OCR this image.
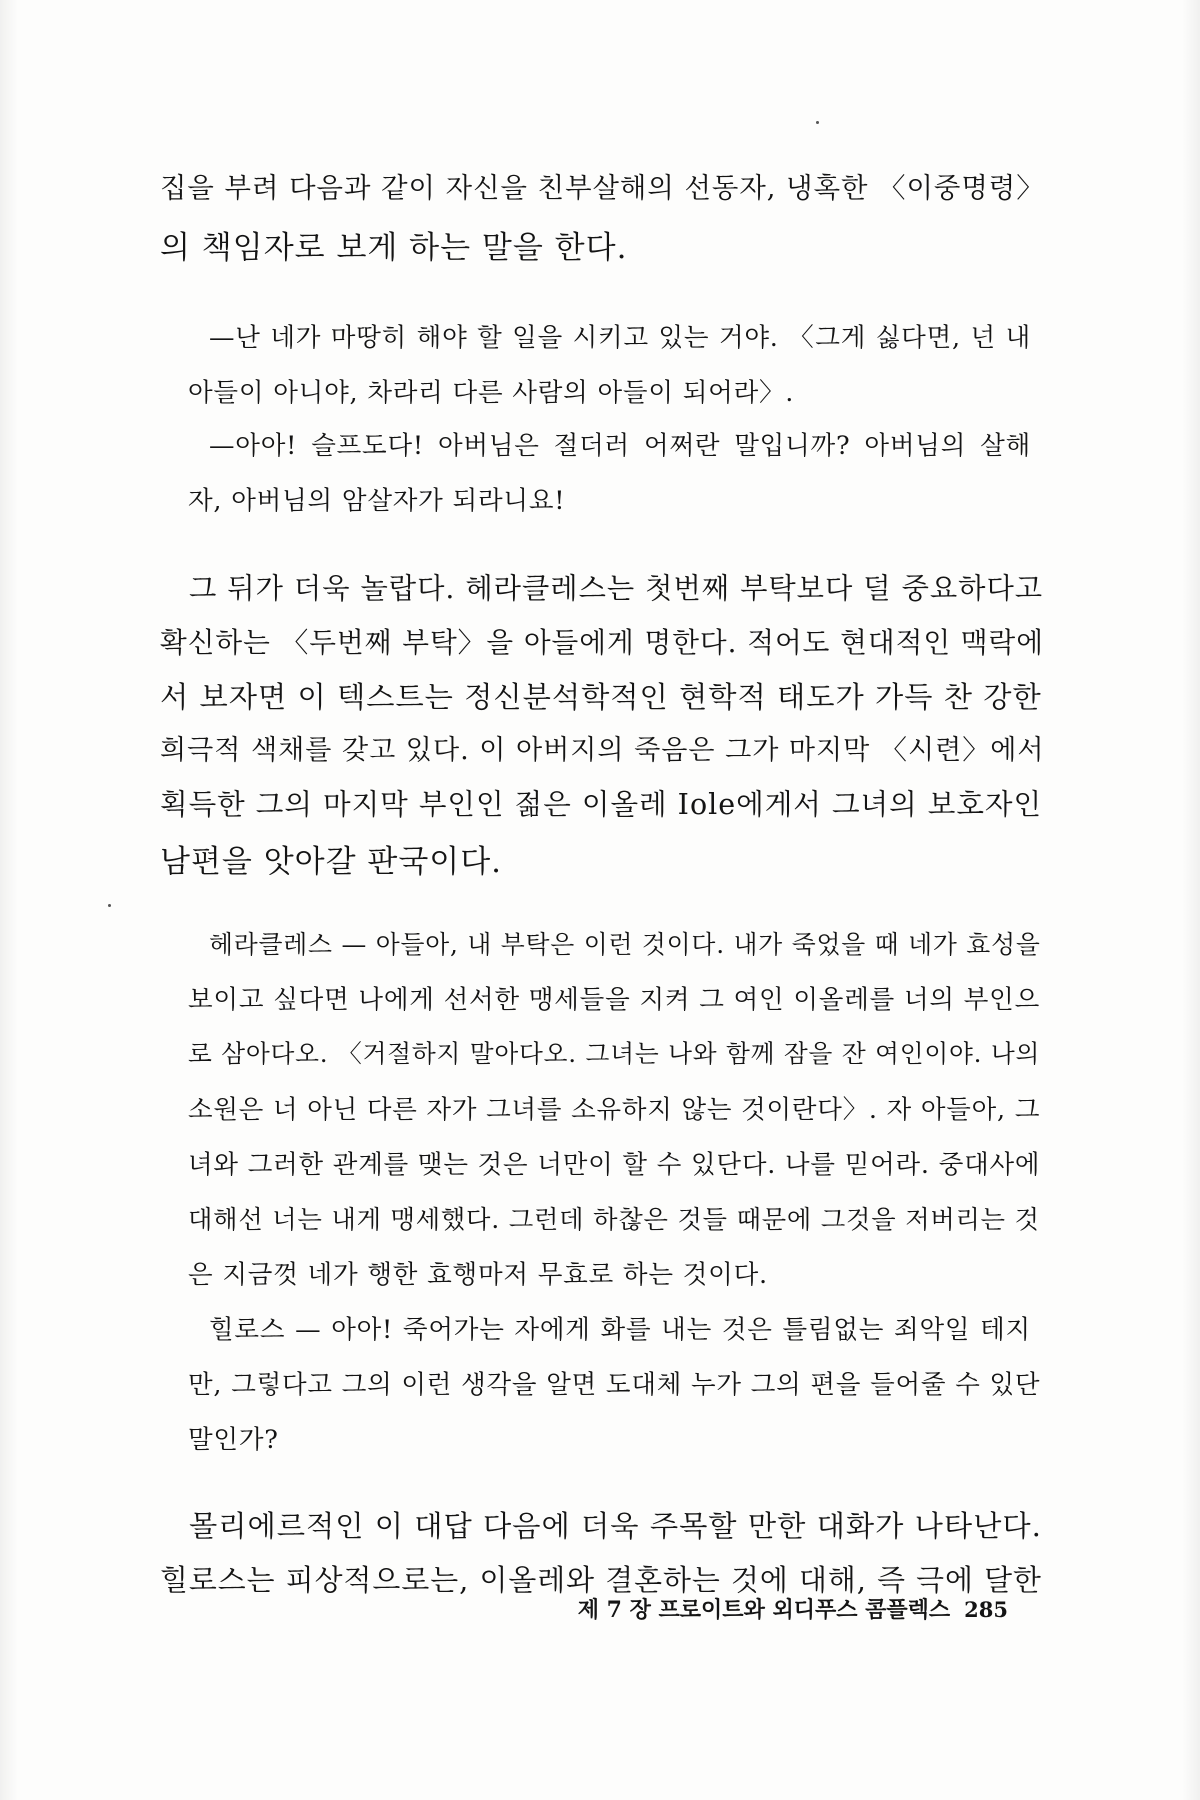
집을 부려 다음과 같이 자신을 친부살해의 선동자, 냉혹한 〈이중명령〉

의 책임자로 보게 하는 말을 한다.

—난 네가 마땅히 해야 할 일을 시키고 있는 거야. 〈그게 싫다면, 넌 내

아들이 아니야, 차라리 다른 사람의 아들이 되어라〉.

—아아! 슬프도다! 아버님은 절더러 어쩌란 말입니까? 아버님의 살해

자, 아버님의 암살자가 되라니요!

그 뒤가 더욱 놀랍다. 헤라클레스는 첫번째 부탁보다 덜 중요하다고

확신하는 〈두번째 부탁〉을 아들에게 명한다. 적어도 현대적인 맥락에

서 보자면 이 텍스트는 정신분석학적인 현학적 태도가 가득 찬 강한

희극적 색채를 갖고 있다. 이 아버지의 죽음은 그가 마지막 〈시련〉에서

획득한 그의 마지막 부인인 젊은 이올레 Iole에게서 그녀의 보호자인

남편을 앗아갈 판국이다.

헤라클레스 — 아들아, 내 부탁은 이런 것이다. 내가 죽었을 때 네가 효성을

보이고 싶다면 나에게 선서한 맹세들을 지켜 그 여인 이올레를 너의 부인으

로 삼아다오. 〈거절하지 말아다오. 그녀는 나와 함께 잠을 잔 여인이야. 나의

소원은 너 아닌 다른 자가 그녀를 소유하지 않는 것이란다〉. 자 아들아, 그

녀와 그러한 관계를 맺는 것은 너만이 할 수 있단다. 나를 믿어라. 중대사에

대해선 너는 내게 맹세했다. 그런데 하찮은 것들 때문에 그것을 저버리는 것

은 지금껏 네가 행한 효행마저 무효로 하는 것이다.

힐로스 — 아아! 죽어가는 자에게 화를 내는 것은 틀림없는 죄악일 테지

만, 그렇다고 그의 이런 생각을 알면 도대체 누가 그의 편을 들어줄 수 있단

말인가?

몰리에르적인 이 대답 다음에 더욱 주목할 만한 대화가 나타난다.

힐로스는 피상적으로는, 이올레와 결혼하는 것에 대해, 즉 극에 달한

제 7 장 프로이트와 외디푸스 콤플렉스 285
